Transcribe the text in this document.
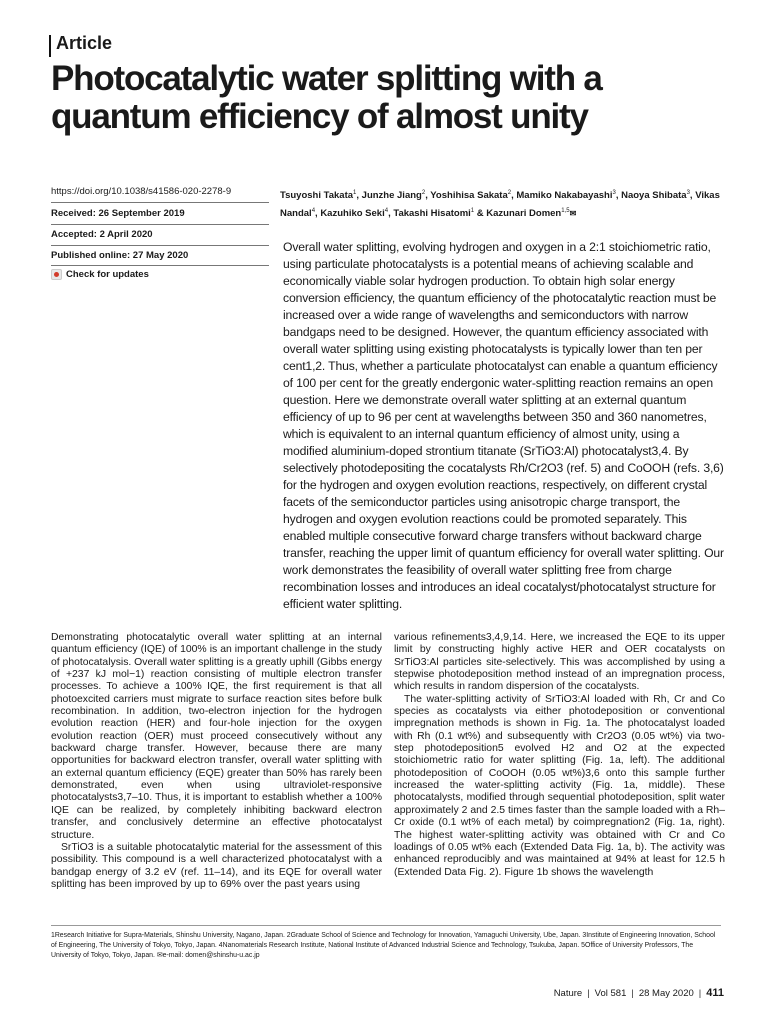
Article
Photocatalytic water splitting with a quantum efficiency of almost unity
https://doi.org/10.1038/s41586-020-2278-9
Received: 26 September 2019
Accepted: 2 April 2020
Published online: 27 May 2020
Check for updates
Tsuyoshi Takata$^1$, Junzhe Jiang$^2$, Yoshihisa Sakata$^2$, Mamiko Nakabayashi$^3$, Naoya Shibata$^3$, Vikas Nandal$^4$, Kazuhiko Seki$^4$, Takashi Hisatomi$^1$ & Kazunari Domen$^{1,5}$✉
Overall water splitting, evolving hydrogen and oxygen in a 2:1 stoichiometric ratio, using particulate photocatalysts is a potential means of achieving scalable and economically viable solar hydrogen production. To obtain high solar energy conversion efficiency, the quantum efficiency of the photocatalytic reaction must be increased over a wide range of wavelengths and semiconductors with narrow bandgaps need to be designed. However, the quantum efficiency associated with overall water splitting using existing photocatalysts is typically lower than ten per cent1,2. Thus, whether a particulate photocatalyst can enable a quantum efficiency of 100 per cent for the greatly endergonic water-splitting reaction remains an open question. Here we demonstrate overall water splitting at an external quantum efficiency of up to 96 per cent at wavelengths between 350 and 360 nanometres, which is equivalent to an internal quantum efficiency of almost unity, using a modified aluminium-doped strontium titanate (SrTiO3:Al) photocatalyst3,4. By selectively photodepositing the cocatalysts Rh/Cr2O3 (ref. 5) and CoOOH (refs. 3,6) for the hydrogen and oxygen evolution reactions, respectively, on different crystal facets of the semiconductor particles using anisotropic charge transport, the hydrogen and oxygen evolution reactions could be promoted separately. This enabled multiple consecutive forward charge transfers without backward charge transfer, reaching the upper limit of quantum efficiency for overall water splitting. Our work demonstrates the feasibility of overall water splitting free from charge recombination losses and introduces an ideal cocatalyst/photocatalyst structure for efficient water splitting.

Demonstrating photocatalytic overall water splitting at an internal quantum efficiency (IQE) of 100% is an important challenge in the study of photocatalysis. Overall water splitting is a greatly uphill (Gibbs energy of +237 kJ mol−1) reaction consisting of multiple electron transfer processes. To achieve a 100% IQE, the first requirement is that all photoexcited carriers must migrate to surface reaction sites before bulk recombination. In addition, two-electron injection for the hydrogen evolution reaction (HER) and four-hole injection for the oxygen evolution reaction (OER) must proceed consecutively without any backward charge transfer. However, because there are many opportunities for backward electron transfer, overall water splitting with an external quantum efficiency (EQE) greater than 50% has rarely been demonstrated, even when using ultraviolet-responsive photocatalysts3,7–10. Thus, it is important to establish whether a 100% IQE can be realized, by completely inhibiting backward electron transfer, and conclusively determine an effective photocatalyst structure.

SrTiO3 is a suitable photocatalytic material for the assessment of this possibility. This compound is a well characterized photocatalyst with a bandgap energy of 3.2 eV (ref. 11–14), and its EQE for overall water splitting has been improved by up to 69% over the past years using

various refinements3,4,9,14. Here, we increased the EQE to its upper limit by constructing highly active HER and OER cocatalysts on SrTiO3:Al particles site-selectively. This was accomplished by using a stepwise photodeposition method instead of an impregnation process, which results in random dispersion of the cocatalysts.

The water-splitting activity of SrTiO3:Al loaded with Rh, Cr and Co species as cocatalysts via either photodeposition or conventional impregnation methods is shown in Fig. 1a. The photocatalyst loaded with Rh (0.1 wt%) and subsequently with Cr2O3 (0.05 wt%) via two-step photodeposition5 evolved H2 and O2 at the expected stoichiometric ratio for water splitting (Fig. 1a, left). The additional photodeposition of CoOOH (0.05 wt%)3,6 onto this sample further increased the water-splitting activity (Fig. 1a, middle). These photocatalysts, modified through sequential photodeposition, split water approximately 2 and 2.5 times faster than the sample loaded with a Rh–Cr oxide (0.1 wt% of each metal) by coimpregnation2 (Fig. 1a, right). The highest water-splitting activity was obtained with Cr and Co loadings of 0.05 wt% each (Extended Data Fig. 1a, b). The activity was enhanced reproducibly and was maintained at 94% at least for 12.5 h (Extended Data Fig. 2). Figure 1b shows the wavelength

1Research Initiative for Supra-Materials, Shinshu University, Nagano, Japan. 2Graduate School of Science and Technology for Innovation, Yamaguchi University, Ube, Japan. 3Institute of Engineering Innovation, School of Engineering, The University of Tokyo, Tokyo, Japan. 4Nanomaterials Research Institute, National Institute of Advanced Industrial Science and Technology, Tsukuba, Japan. 5Office of University Professors, The University of Tokyo, Tokyo, Japan. ✉e-mail: domen@shinshu-u.ac.jp
Nature | Vol 581 | 28 May 2020 | 411
